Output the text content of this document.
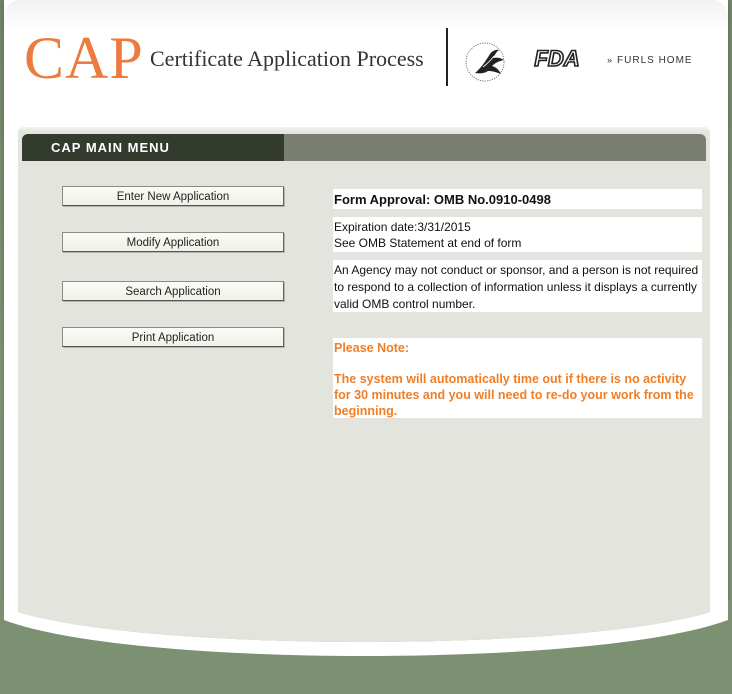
CAP Certificate Application Process	FDA	» FURLS HOME
CAP MAIN MENU
Enter New Application
Modify Application
Search Application
Print Application
Form Approval: OMB No.0910-0498
Expiration date:3/31/2015
See OMB Statement at end of form
An Agency may not conduct or sponsor, and a person is not required to respond to a collection of information unless it displays a currently valid OMB control number.

Please Note:

The system will automatically time out if there is no activity for 30 minutes and you will need to re-do your work from the beginning.
